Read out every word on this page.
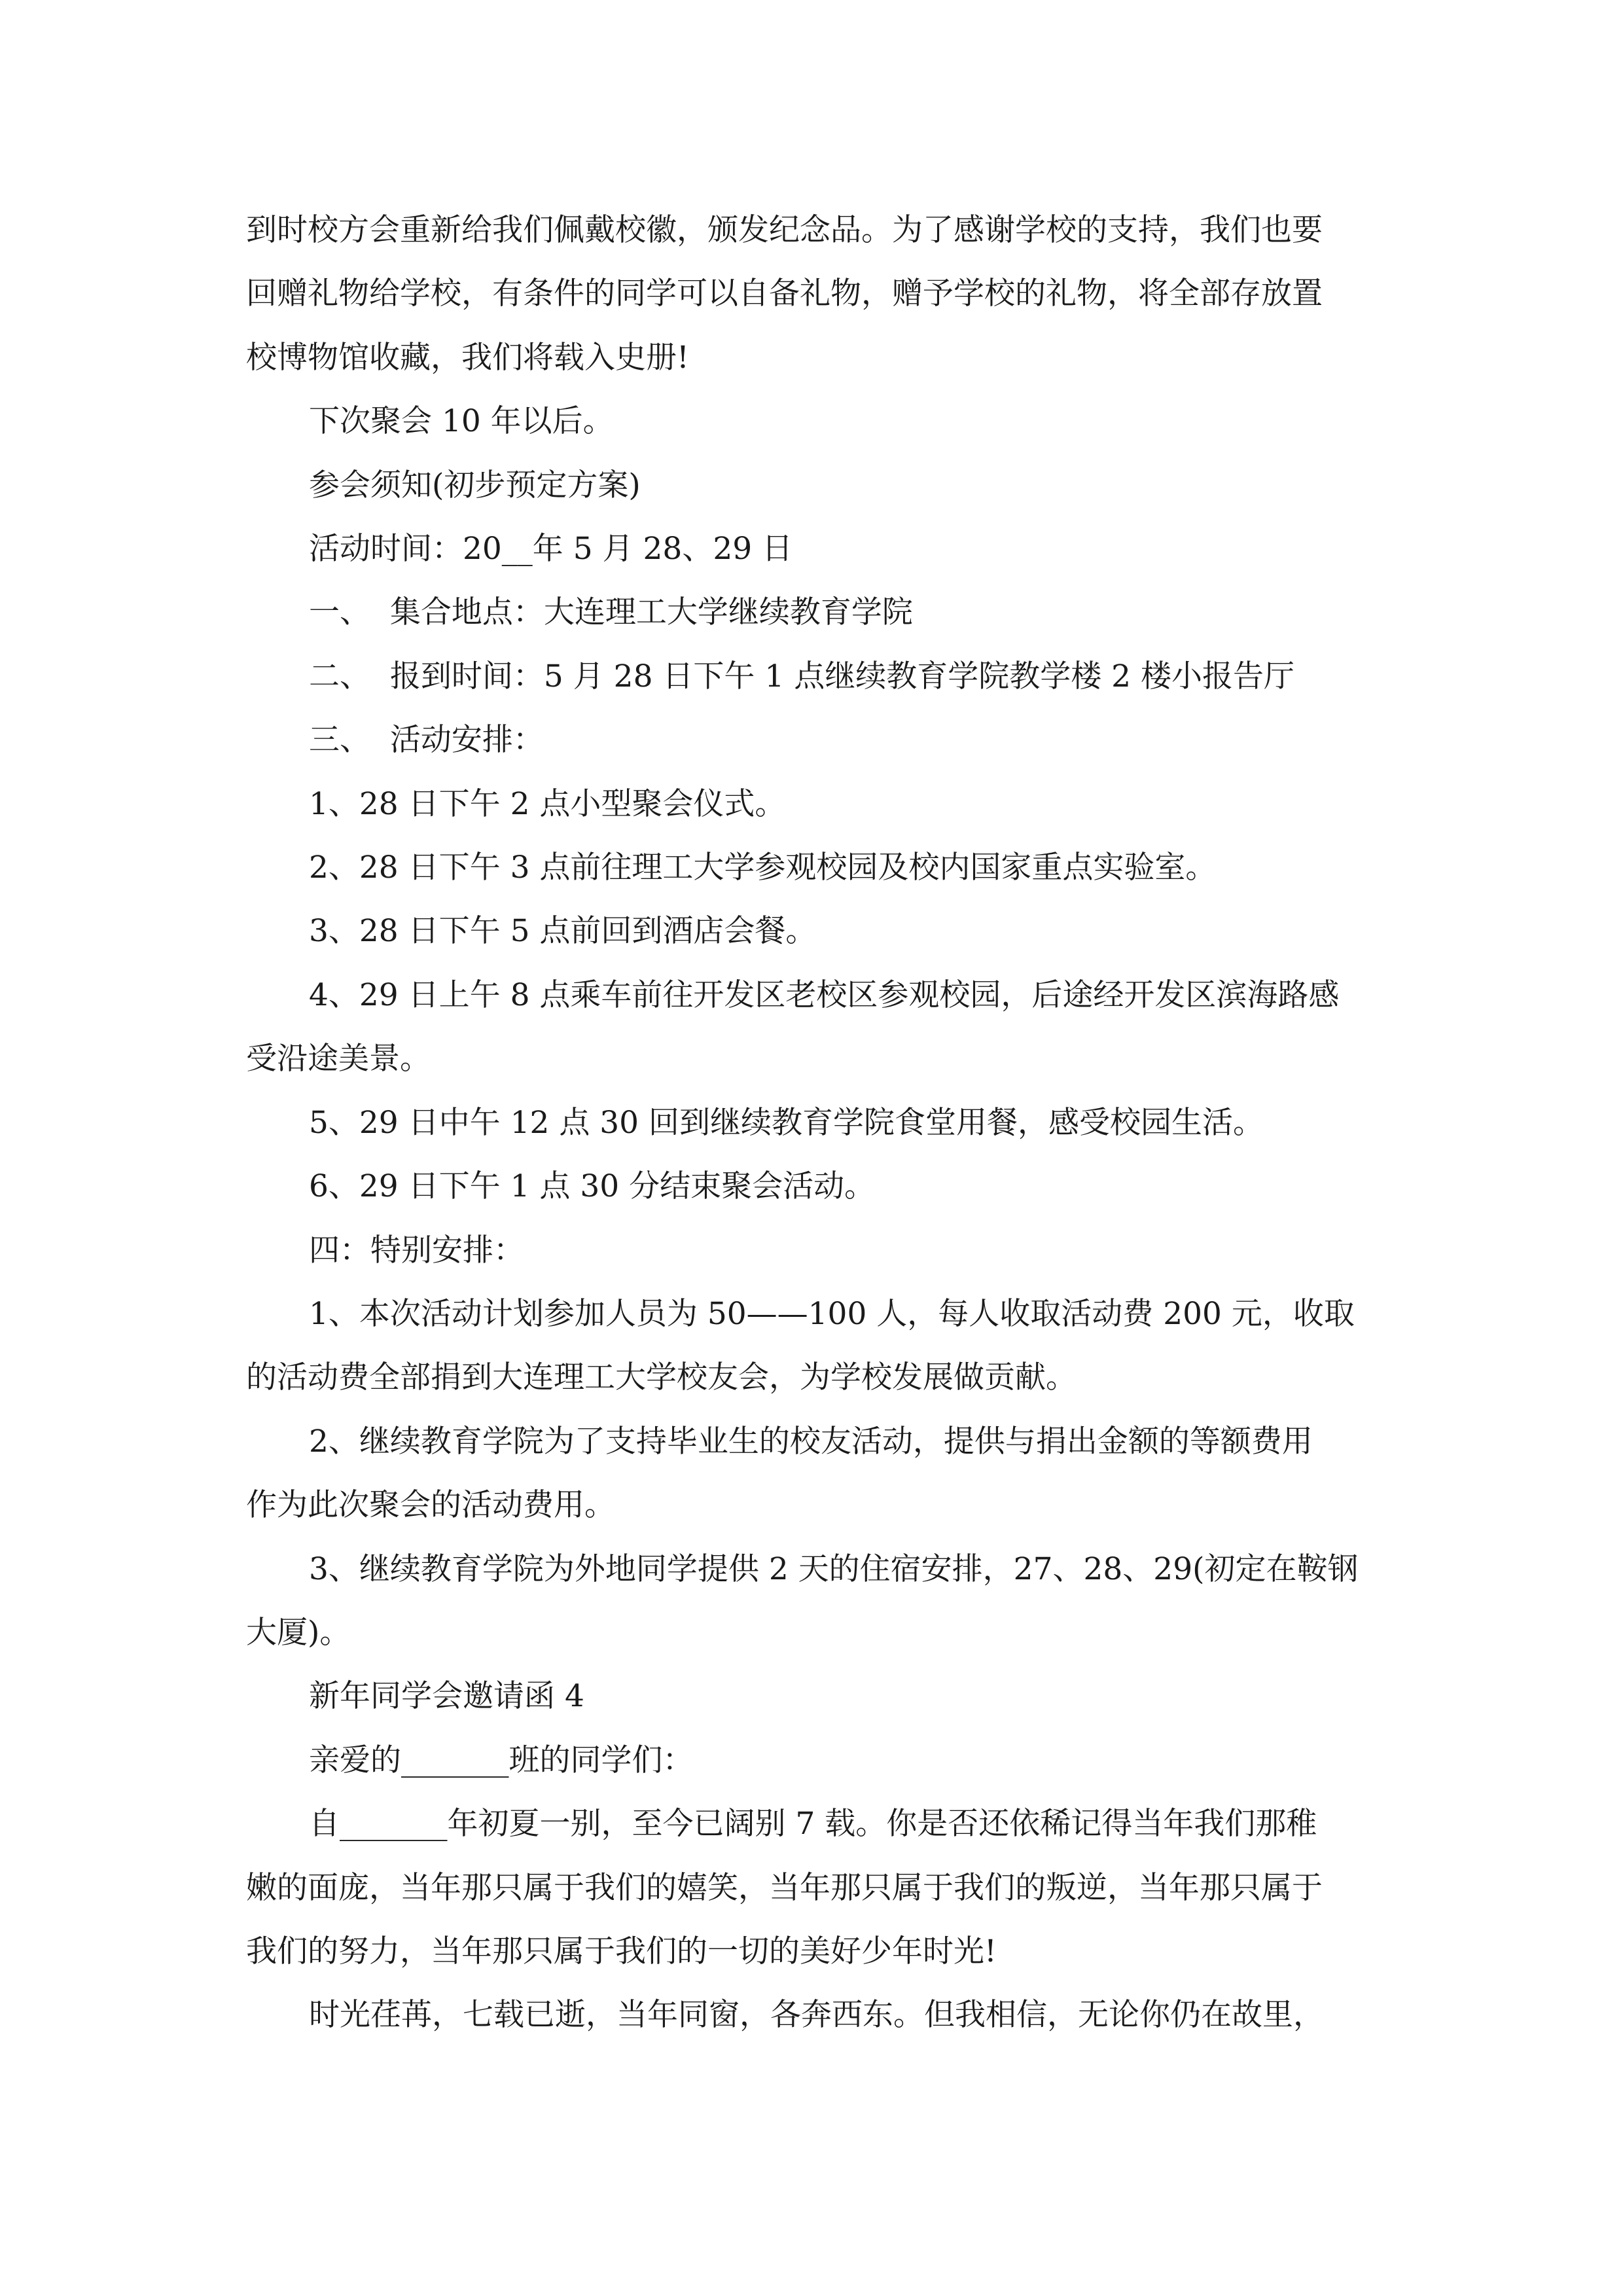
到时校方会重新给我们佩戴校徽，颁发纪念品。为了感谢学校的支持，我们也要
回赠礼物给学校，有条件的同学可以自备礼物，赠予学校的礼物，将全部存放置
校博物馆收藏，我们将载入史册!
下次聚会 10 年以后。
参会须知(初步预定方案)
活动时间：20__年 5 月 28、29 日
一、  集合地点：大连理工大学继续教育学院
二、  报到时间：5 月 28 日下午 1 点继续教育学院教学楼 2 楼小报告厅
三、  活动安排：
1、28 日下午 2 点小型聚会仪式。
2、28 日下午 3 点前往理工大学参观校园及校内国家重点实验室。
3、28 日下午 5 点前回到酒店会餐。
4、29 日上午 8 点乘车前往开发区老校区参观校园，后途经开发区滨海路感
受沿途美景。
5、29 日中午 12 点 30 回到继续教育学院食堂用餐，感受校园生活。
6、29 日下午 1 点 30 分结束聚会活动。
四：特别安排：
1、本次活动计划参加人员为 50——100 人，每人收取活动费 200 元，收取
的活动费全部捐到大连理工大学校友会，为学校发展做贡献。
2、继续教育学院为了支持毕业生的校友活动，提供与捐出金额的等额费用
作为此次聚会的活动费用。
3、继续教育学院为外地同学提供 2 天的住宿安排，27、28、29(初定在鞍钢
大厦)。
新年同学会邀请函 4
亲爱的_______班的同学们：
自_______年初夏一别，至今已阔别 7 载。你是否还依稀记得当年我们那稚
嫩的面庞，当年那只属于我们的嬉笑，当年那只属于我们的叛逆，当年那只属于
我们的努力，当年那只属于我们的一切的美好少年时光!
时光荏苒，七载已逝，当年同窗，各奔西东。但我相信，无论你仍在故里，
